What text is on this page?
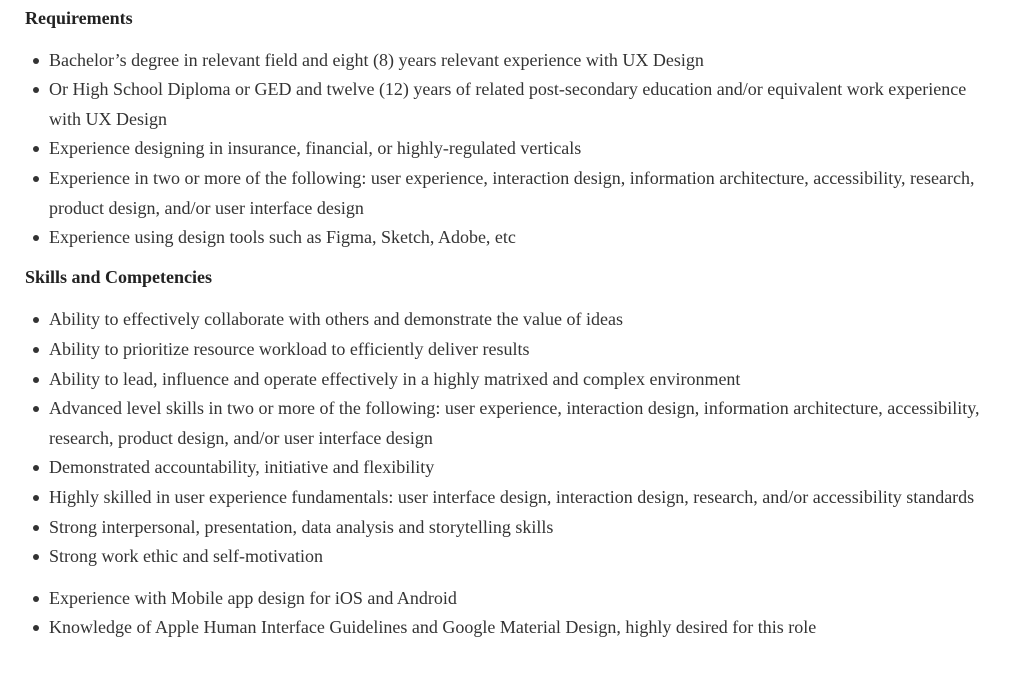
Requirements
Bachelor’s degree in relevant field and eight (8) years relevant experience with UX Design
Or High School Diploma or GED and twelve (12) years of related post-secondary education and/or equivalent work experience with UX Design
Experience designing in insurance, financial, or highly-regulated verticals
Experience in two or more of the following: user experience, interaction design, information architecture, accessibility, research, product design, and/or user interface design
Experience using design tools such as Figma, Sketch, Adobe, etc
Skills and Competencies
Ability to effectively collaborate with others and demonstrate the value of ideas
Ability to prioritize resource workload to efficiently deliver results
Ability to lead, influence and operate effectively in a highly matrixed and complex environment
Advanced level skills in two or more of the following: user experience, interaction design, information architecture, accessibility, research, product design, and/or user interface design
Demonstrated accountability, initiative and flexibility
Highly skilled in user experience fundamentals: user interface design, interaction design, research, and/or accessibility standards
Strong interpersonal, presentation, data analysis and storytelling skills
Strong work ethic and self-motivation
Experience with Mobile app design for iOS and Android
Knowledge of Apple Human Interface Guidelines and Google Material Design, highly desired for this role
